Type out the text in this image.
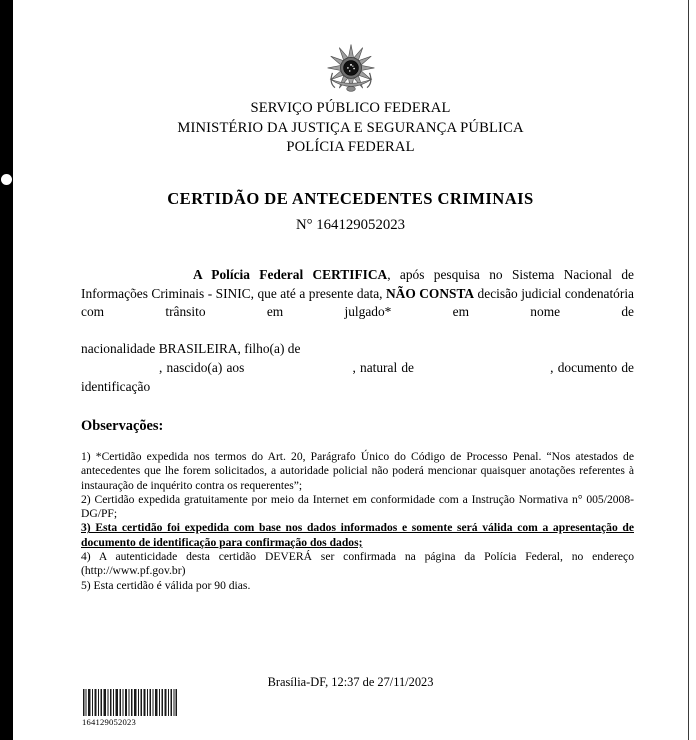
SERVIÇO PÚBLICO FEDERAL
MINISTÉRIO DA JUSTIÇA E SEGURANÇA PÚBLICA
POLÍCIA FEDERAL
CERTIDÃO DE ANTECEDENTES CRIMINAIS
N° 164129052023

A Polícia Federal CERTIFICA, após pesquisa no Sistema Nacional de Informações Criminais - SINIC, que até a presente data, NÃO CONSTA decisão judicial condenatória com trânsito em julgado* em nome de

nacionalidade BRASILEIRA, filho(a) de

, nascido(a) aos	, natural de	, documento de identificação

Observações:

1) *Certidão expedida nos termos do Art. 20, Parágrafo Único do Código de Processo Penal. “Nos atestados de antecedentes que lhe forem solicitados, a autoridade policial não poderá mencionar quaisquer anotações referentes à instauração de inquérito contra os requerentes”;

2) Certidão expedida gratuitamente por meio da Internet em conformidade com a Instrução Normativa n° 005/2008-DG/PF;

3) Esta certidão foi expedida com base nos dados informados e somente será válida com a apresentação de documento de identificação para confirmação dos dados;

4) A autenticidade desta certidão DEVERÁ ser confirmada na página da Polícia Federal, no endereço (http://www.pf.gov.br)

5) Esta certidão é válida por 90 dias.

Brasília-DF, 12:37 de 27/11/2023
164129052023
